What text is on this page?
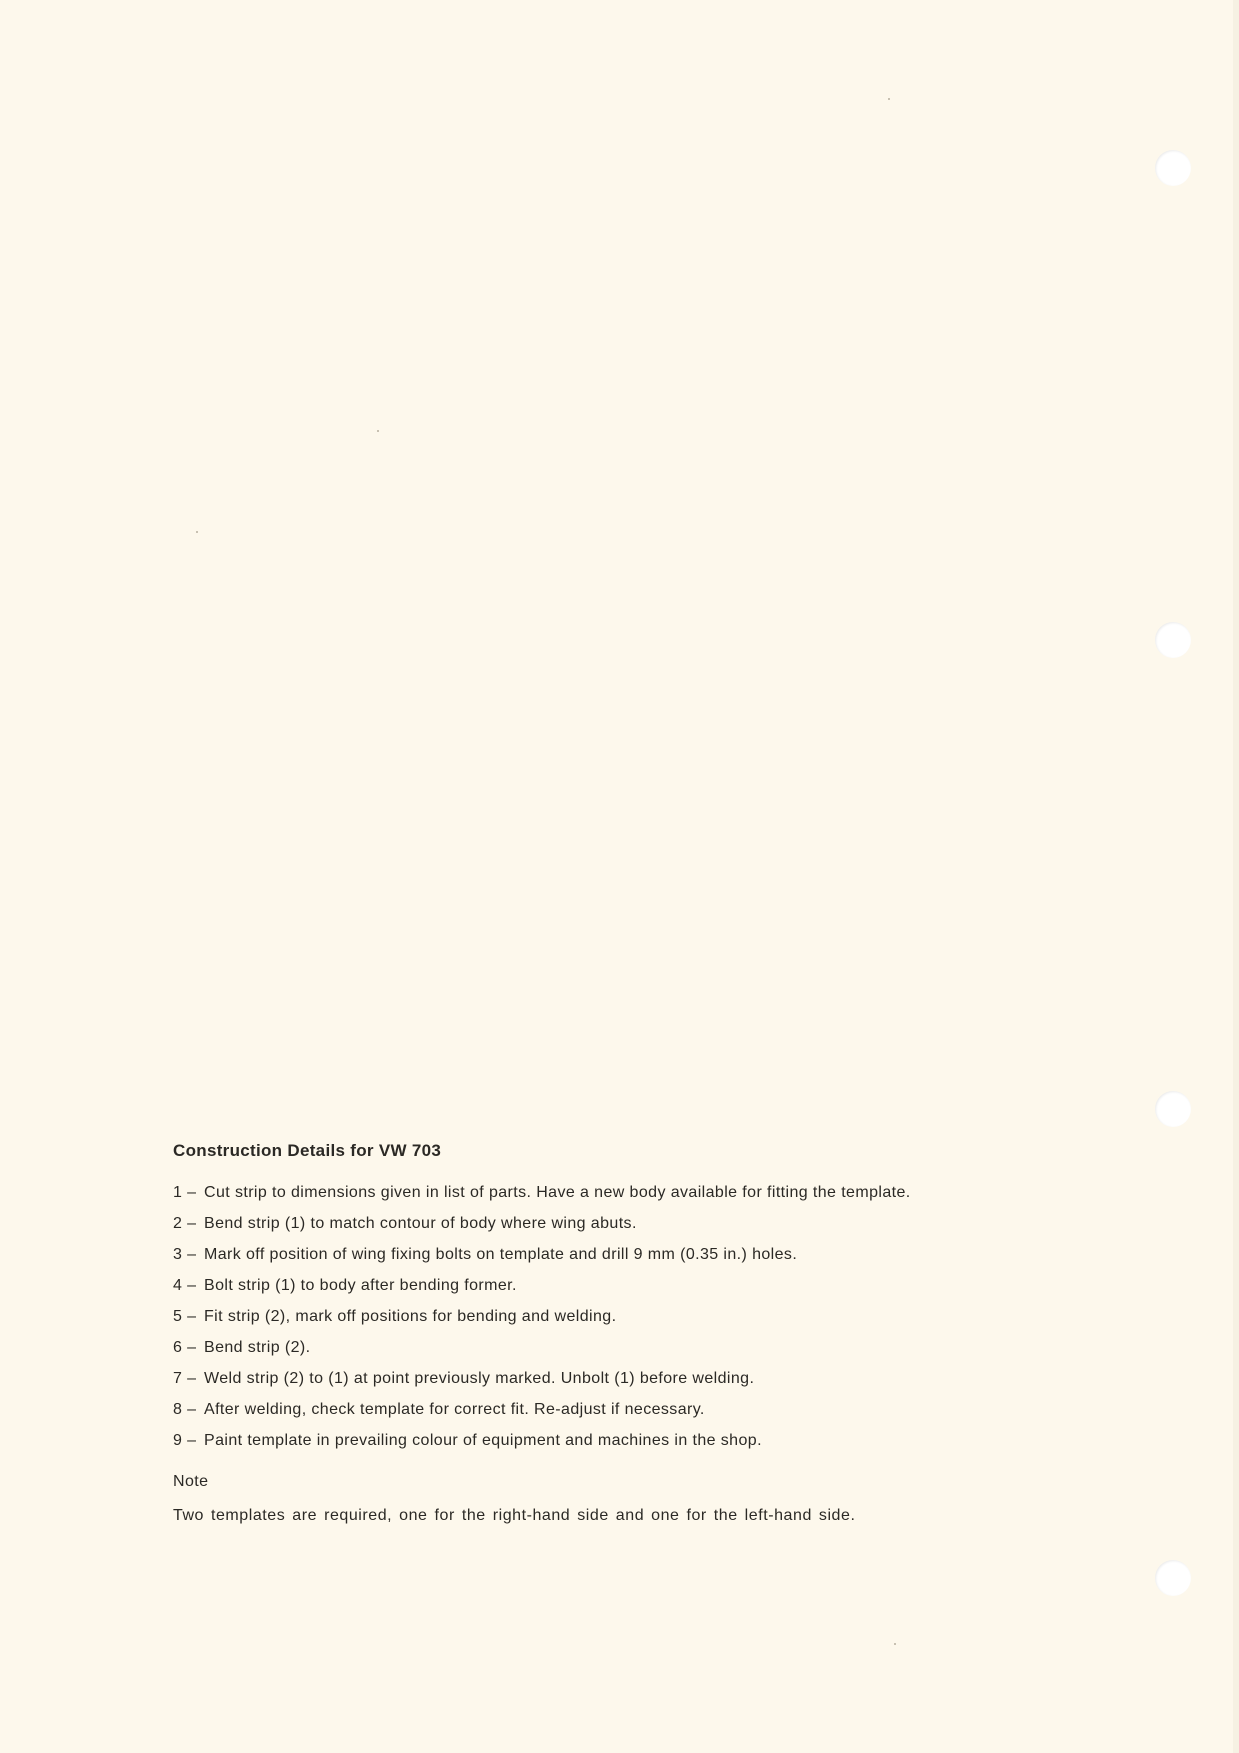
Construction Details for VW 703
1 – Cut strip to dimensions given in list of parts. Have a new body available for fitting the template.
2 – Bend strip (1) to match contour of body where wing abuts.
3 – Mark off position of wing fixing bolts on template and drill 9 mm (0.35 in.) holes.
4 – Bolt strip (1) to body after bending former.
5 – Fit strip (2), mark off positions for bending and welding.
6 – Bend strip (2).
7 – Weld strip (2) to (1) at point previously marked. Unbolt (1) before welding.
8 – After welding, check template for correct fit. Re-adjust if necessary.
9 – Paint template in prevailing colour of equipment and machines in the shop.
Note

Two templates are required, one for the right-hand side and one for the left-hand side.
